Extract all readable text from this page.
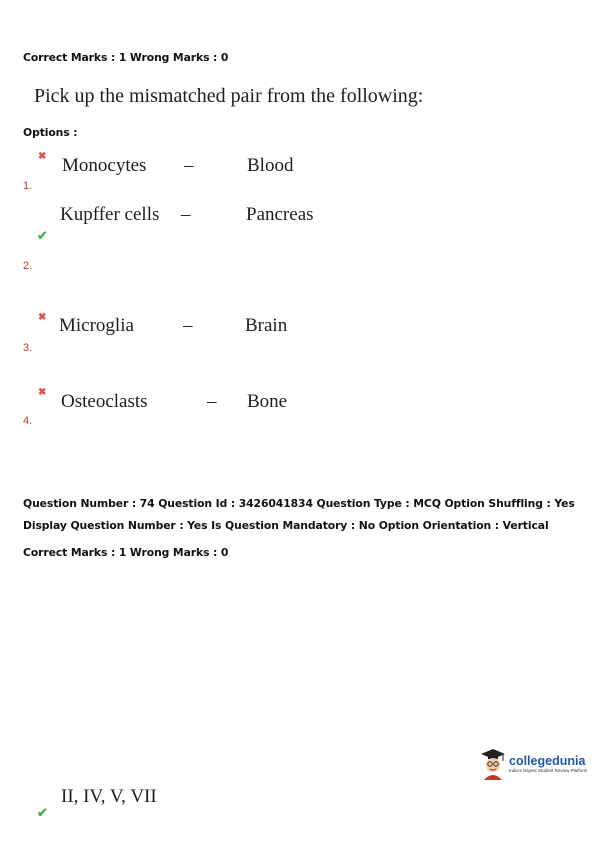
Correct Marks : 1 Wrong Marks : 0
Pick up the mismatched pair from the following:
Options :
✖ Monocytes –	Blood
1.
Kupffer cells –	Pancreas
✔
2.
✖ Microglia	–	Brain
3.
✖ Osteoclasts	– Bone
4.
Question Number : 74 Question Id : 3426041834 Question Type : MCQ Option Shuffling : Yes
Display Question Number : Yes Is Question Mandatory : No Option Orientation : Vertical
Correct Marks : 1 Wrong Marks : 0
collegedunia
India's largest Student Review Platform
II, IV, V, VII
✔
